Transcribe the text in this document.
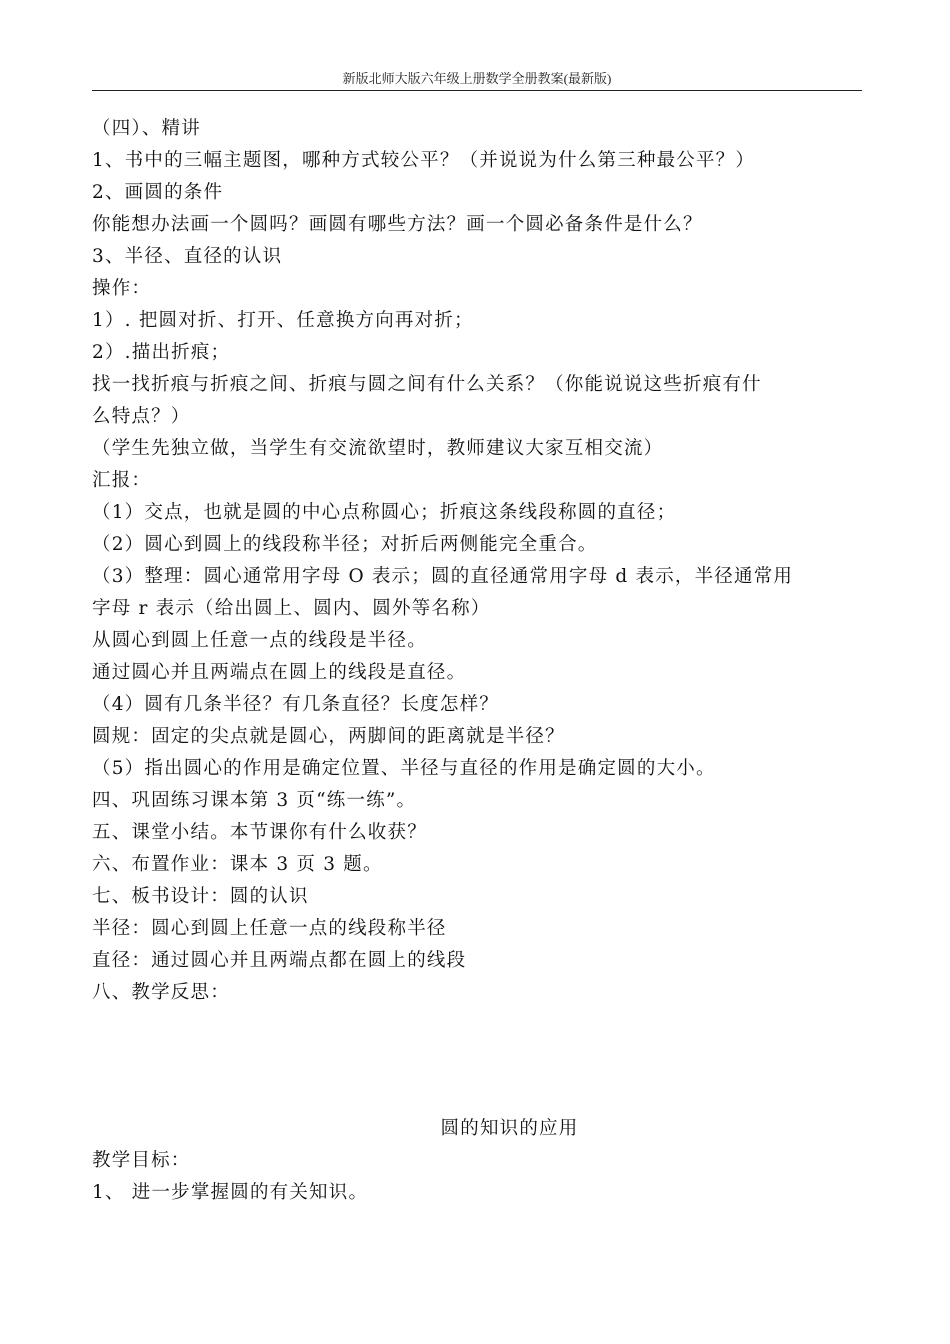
新版北师大版六年级上册数学全册教案(最新版)

（四）、精讲

1、书中的三幅主题图，哪种方式较公平？（并说说为什么第三种最公平？）

2、画圆的条件

你能想办法画一个圆吗？画圆有哪些方法？画一个圆必备条件是什么？

3、半径、直径的认识

操作：

1）. 把圆对折、打开、任意换方向再对折；

2）.描出折痕；

找一找折痕与折痕之间、折痕与圆之间有什么关系？（你能说说这些折痕有什

么特点？）

（学生先独立做，当学生有交流欲望时，教师建议大家互相交流）

汇报：

（1）交点，也就是圆的中心点称圆心；折痕这条线段称圆的直径；

（2）圆心到圆上的线段称半径；对折后两侧能完全重合。

（3）整理：圆心通常用字母 O 表示；圆的直径通常用字母 d 表示，半径通常用

字母 r 表示（给出圆上、圆内、圆外等名称）

从圆心到圆上任意一点的线段是半径。

通过圆心并且两端点在圆上的线段是直径。

（4）圆有几条半径？有几条直径？长度怎样？

圆规：固定的尖点就是圆心，两脚间的距离就是半径？

（5）指出圆心的作用是确定位置、半径与直径的作用是确定圆的大小。

四、巩固练习课本第 3 页“练一练”。

五、课堂小结。本节课你有什么收获？

六、布置作业：课本 3 页 3 题。

七、板书设计：圆的认识

半径：圆心到圆上任意一点的线段称半径

直径：通过圆心并且两端点都在圆上的线段

八、教学反思：

圆的知识的应用

教学目标：

1、 进一步掌握圆的有关知识。
